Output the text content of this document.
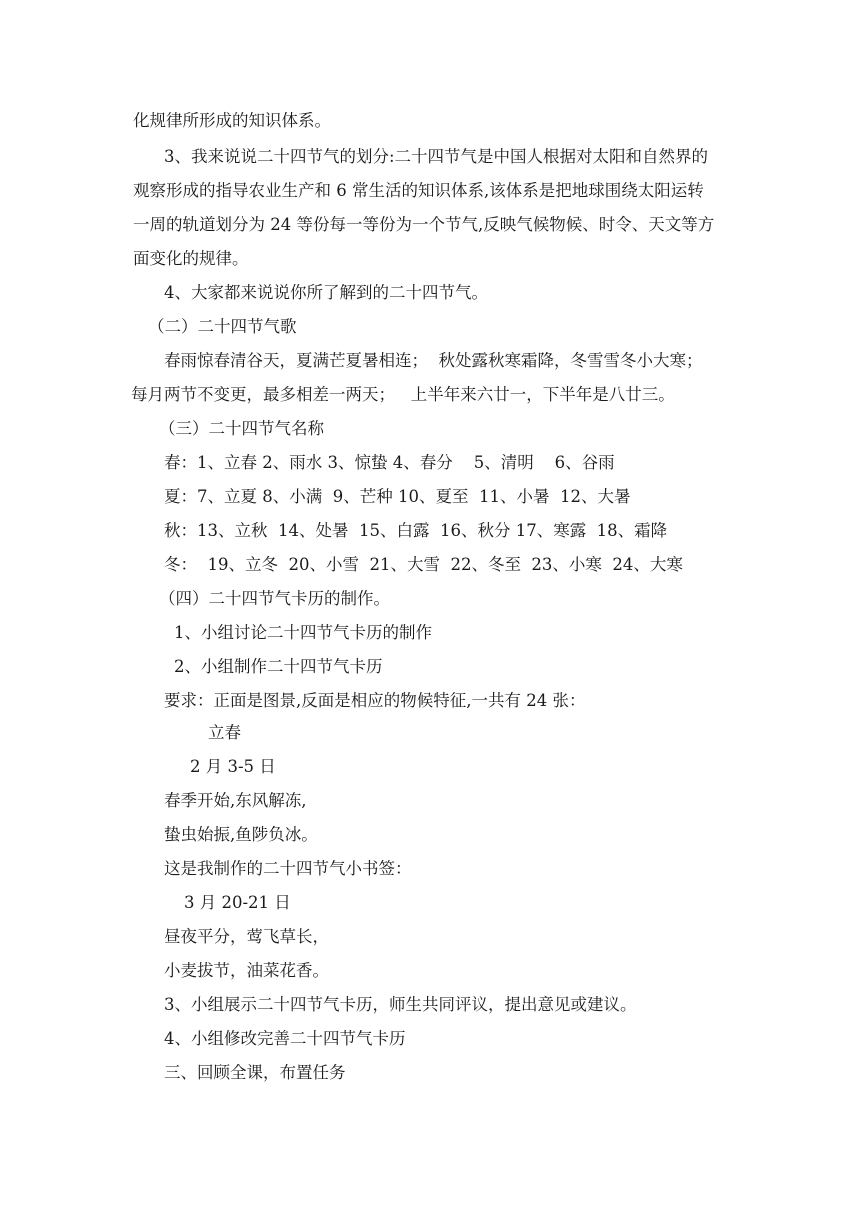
化规律所形成的知识体系。
3、我来说说二十四节气的划分:二十四节气是中国人根据对太阳和自然界的
观察形成的指导农业生产和 6 常生活的知识体系,该体系是把地球围绕太阳运转
一周的轨道划分为 24 等份每一等份为一个节气,反映气候物候、时令、天文等方
面变化的规律。
4、大家都来说说你所了解到的二十四节气。
（二）二十四节气歌
春雨惊春清谷天，夏满芒夏暑相连；  秋处露秋寒霜降，冬雪雪冬小大寒；
每月两节不变更，最多相差一两天；   上半年来六廿一，下半年是八廿三。
（三）二十四节气名称
春：1、立春 2、雨水 3、惊蛰 4、春分    5、清明    6、谷雨
夏：7、立夏 8、小满  9、芒种 10、夏至  11、小暑  12、大暑
秋：13、立秋  14、处暑  15、白露  16、秋分 17、寒露  18、霜降
冬：  19、立冬  20、小雪  21、大雪  22、冬至  23、小寒  24、大寒
（四）二十四节气卡历的制作。
1、小组讨论二十四节气卡历的制作
2、小组制作二十四节气卡历
要求：正面是图景,反面是相应的物候特征,一共有 24 张：
立春
2 月 3-5 日
春季开始,东风解冻,
蛰虫始振,鱼陟负冰。
这是我制作的二十四节气小书签：
3 月 20-21 日
昼夜平分，莺飞草长，
小麦拔节，油菜花香。
3、小组展示二十四节气卡历，师生共同评议，提出意见或建议。
4、小组修改完善二十四节气卡历
三、回顾全课，布置任务
